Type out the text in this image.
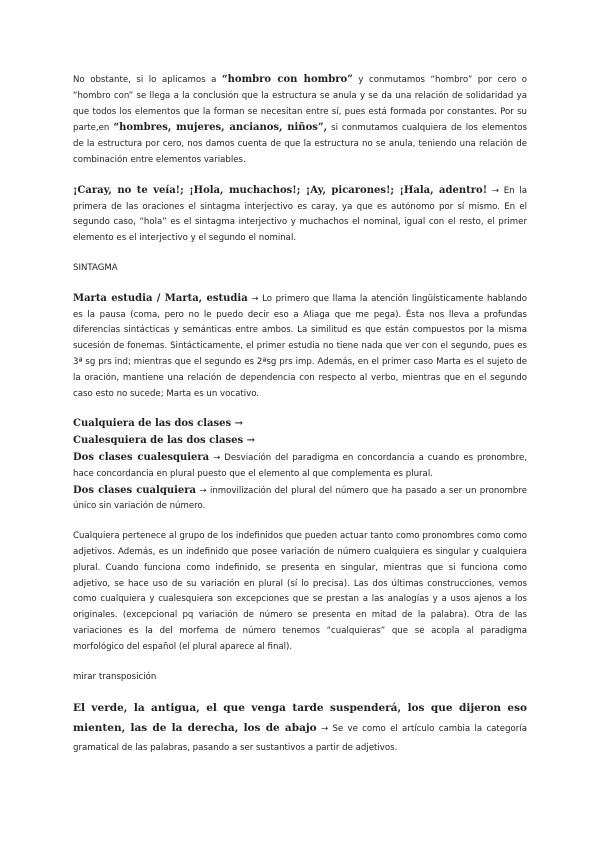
No obstante, si lo aplicamos a “hombro con hombro” y conmutamos “hombro” por cero o “hombro con” se llega a la conclusión que la estructura se anula y se da una relación de solidaridad ya que todos los elementos que la forman se necesitan entre sí, pues está formada por constantes. Por su parte,en “hombres, mujeres, ancianos, niños”, si conmutamos cualquiera de los elementos de la estructura por cero, nos damos cuenta de que la estructura no se anula, teniendo una relación de combinación entre elementos variables.

¡Caray, no te veía!; ¡Hola, muchachos!; ¡Ay, picarones!; ¡Hala, adentro! → En la primera de las oraciones el sintagma interjectivo es caray, ya que es autónomo por sí mismo. En el segundo caso, “hola” es el sintagma interjectivo y muchachos el nominal, igual con el resto, el primer elemento es el interjectivo y el segundo el nominal.

SINTAGMA

Marta estudia / Marta, estudia → Lo primero que llama la atención lingüísticamente hablando es la pausa (coma, pero no le puedo decir eso a Aliaga que me pega). Ésta nos lleva a profundas diferencias sintácticas y semánticas entre ambos. La similitud es que están compuestos por la misma sucesión de fonemas. Sintácticamente, el primer estudia no tiene nada que ver con el segundo, pues es 3ª sg prs ind; mientras que el segundo es 2ªsg prs imp. Además, en el primer caso Marta es el sujeto de la oración, mantiene una relación de dependencia con respecto al verbo, mientras que en el segundo caso esto no sucede; Marta es un vocativo.

Cualquiera de las dos clases →

Cualesquiera de las dos clases →

Dos clases cualesquiera → Desviación del paradigma en concordancia a cuando es pronombre, hace concordancia en plural puesto que el elemento al que complementa es plural.

Dos clases cualquiera → inmovilización del plural del número que ha pasado a ser un pronombre único sin variación de número.

Cualquiera pertenece al grupo de los indefinidos que pueden actuar tanto como pronombres como como adjetivos. Además, es un indefinido que posee variación de número cualquiera es singular y cualquiera plural. Cuando funciona como indefinido, se presenta en singular, mientras que si funciona como adjetivo, se hace uso de su variación en plural (sí lo precisa). Las dos últimas construcciones, vemos como cualquiera y cualesquiera son excepciones que se prestan a las analogías y a usos ajenos a los originales. (excepcional pq variación de número se presenta en mitad de la palabra). Otra de las variaciones es la del morfema de número tenemos “cualquieras” que se acopla al paradigma morfológico del español (el plural aparece al final).

mirar transposición

El verde, la antigua, el que venga tarde suspenderá, los que dijeron eso mienten, las de la derecha, los de abajo → Se ve como el artículo cambia la categoría gramatical de las palabras, pasando a ser sustantivos a partir de adjetivos.
